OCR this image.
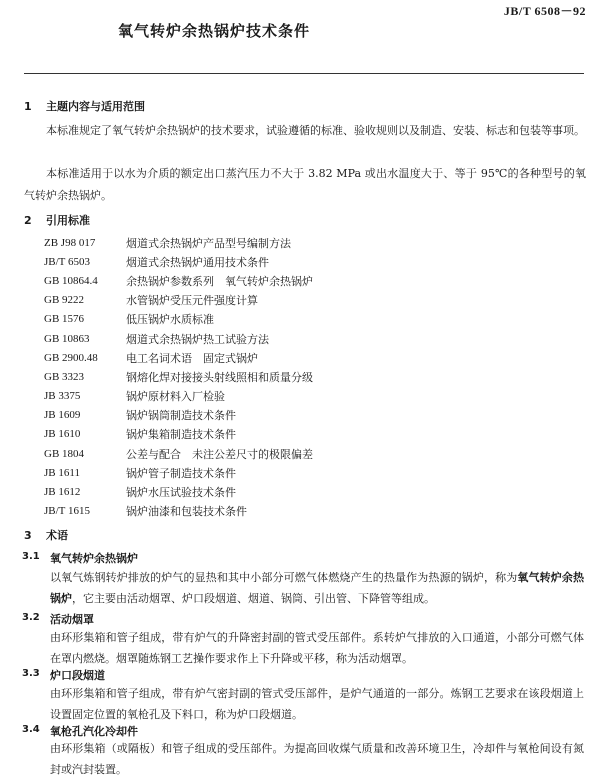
JB/T 6508－92
氧气转炉余热锅炉技术条件
1 主题内容与适用范围

本标准规定了氧气转炉余热锅炉的技术要求，试验遵循的标准、验收规则以及制造、安装、标志和包装等事项。

本标准适用于以水为介质的额定出口蒸汽压力不大于 3.82 MPa 或出水温度大于、等于 95℃的各种型号的氧气转炉余热锅炉。

2 引用标准
ZB J98 017	烟道式余热锅炉产品型号编制方法
JB/T 6503	烟道式余热锅炉通用技术条件
GB 10864.4	余热锅炉参数系列　氧气转炉余热锅炉
GB 9222	水管锅炉受压元件强度计算
GB 1576	低压锅炉水质标准
GB 10863	烟道式余热锅炉热工试验方法
GB 2900.48	电工名词术语　固定式锅炉
GB 3323	钢熔化焊对接接头射线照相和质量分级
JB 3375	锅炉原材料入厂检验
JB 1609	锅炉锅筒制造技术条件
JB 1610	锅炉集箱制造技术条件
GB 1804	公差与配合　未注公差尺寸的极限偏差
JB 1611	锅炉管子制造技术条件
JB 1612	锅炉水压试验技术条件
JB/T 1615	锅炉油漆和包装技术条件
3 术语
3.1 氧气转炉余热锅炉

以氧气炼钢转炉排放的炉气的显热和其中小部分可燃气体燃烧产生的热量作为热源的锅炉，称为氧气转炉余热锅炉，它主要由活动烟罩、炉口段烟道、烟道、锅筒、引出管、下降管等组成。

3.2 活动烟罩

由环形集箱和管子组成，带有炉气的升降密封副的管式受压部件。系转炉气排放的入口通道，小部分可燃气体在罩内燃烧。烟罩随炼钢工艺操作要求作上下升降或平移，称为活动烟罩。

3.3 炉口段烟道

由环形集箱和管子组成，带有炉气密封副的管式受压部件，是炉气通道的一部分。炼钢工艺要求在该段烟道上设置固定位置的氧枪孔及下料口，称为炉口段烟道。

3.4 氧枪孔汽化冷却件

由环形集箱（或隔板）和管子组成的受压部件。为提高回收煤气质量和改善环境卫生，冷却件与氧枪间设有氮封或汽封装置。
